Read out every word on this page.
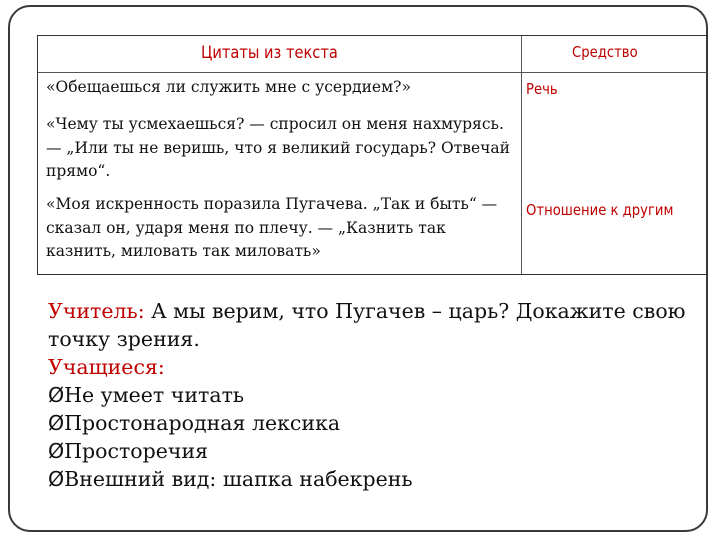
Цитаты из текста	Средство
«Обещаешься ли служить мне с усердием?»	Речь
«Чему ты усмехаешься? — спросил он меня нахмурясь. — „Или ты не веришь, что я великий государь? Отвечай прямо“.
«Моя искренность поразила Пугачева. „Так и быть“ — сказал он, ударя меня по плечу. — „Казнить так казнить, миловать так миловать»
Отношение к другим
Учитель: А мы верим, что Пугачев – царь? Докажите свою точку зрения.
Учащиеся:
ØНе умеет читать
ØПростонародная лексика
ØПросторечия
ØВнешний вид: шапка набекрень
